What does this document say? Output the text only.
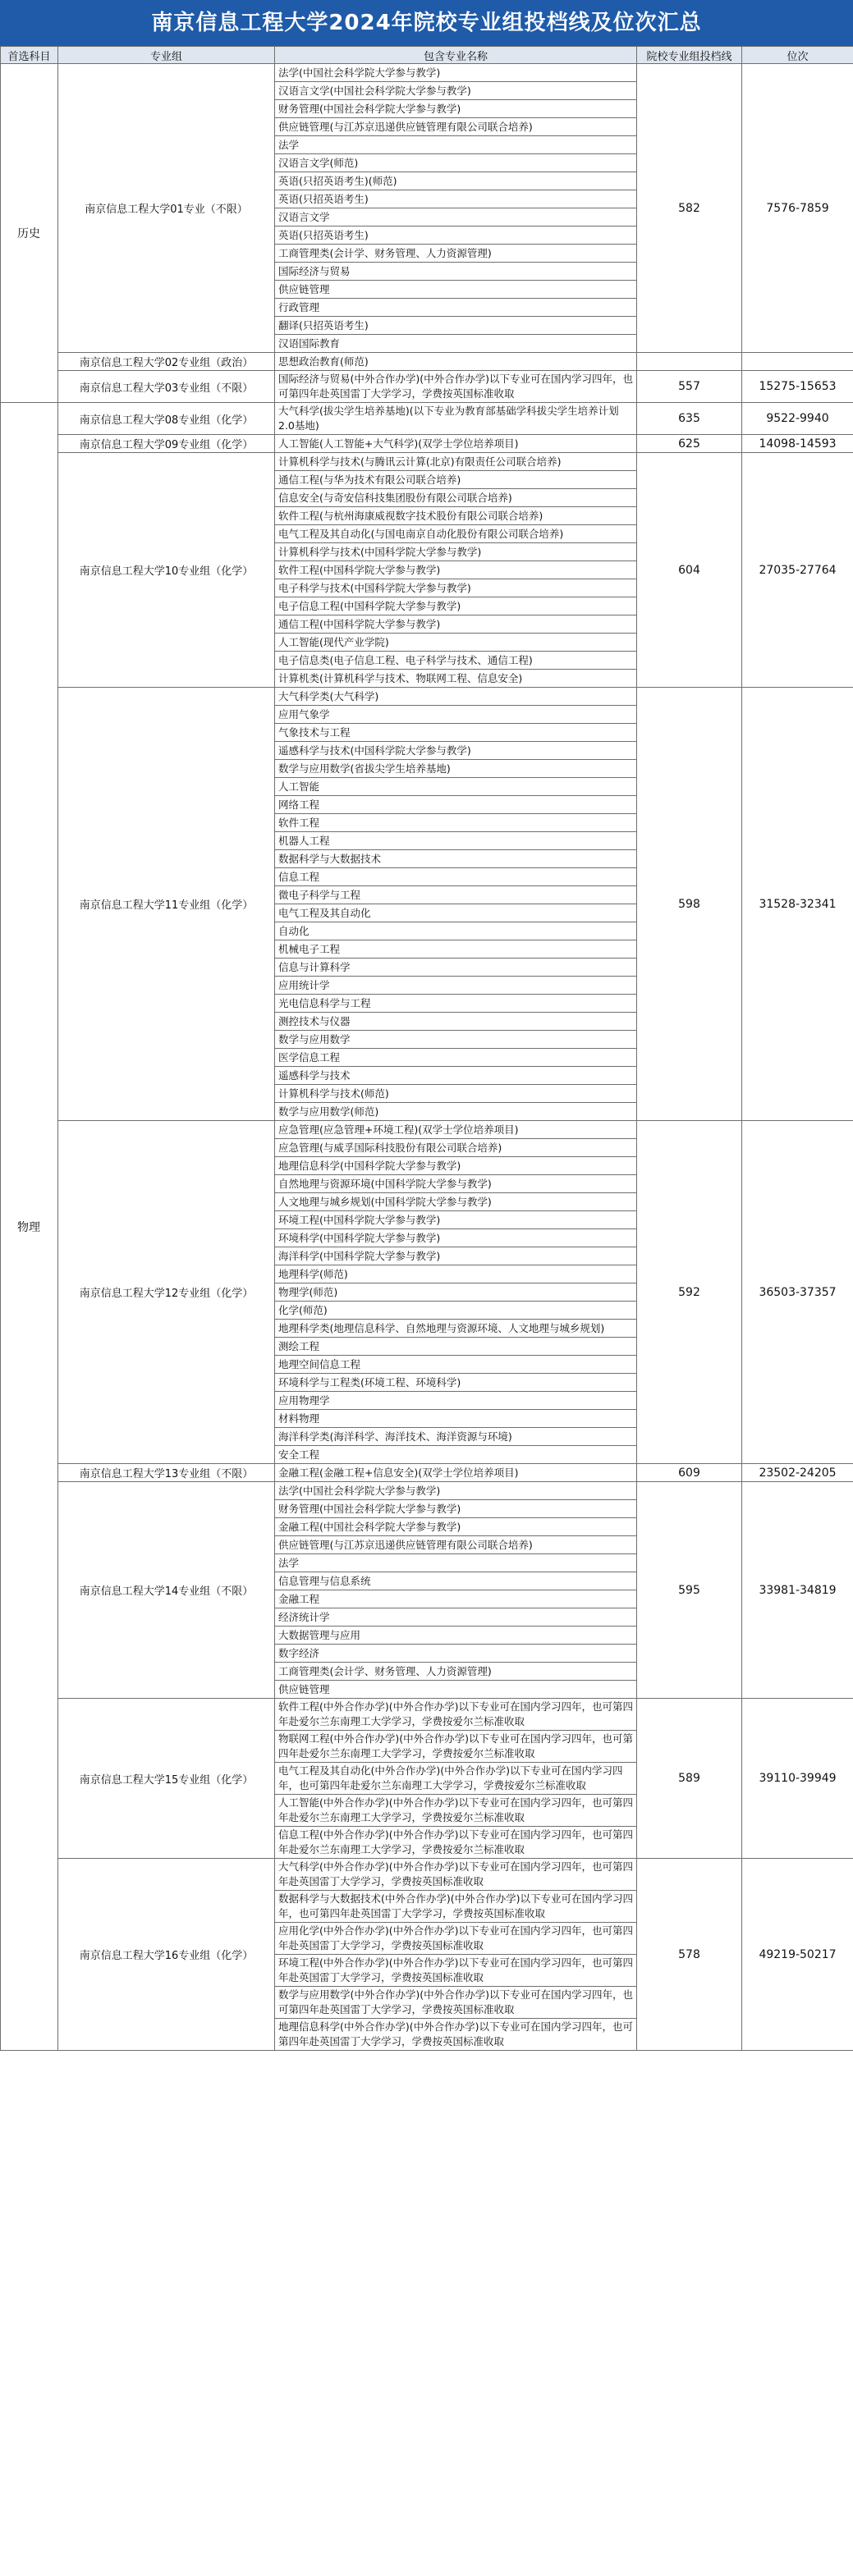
南京信息工程大学2024年院校专业组投档线及位次汇总
首选科目	专业组	包含专业名称	院校专业组投档线	位次
历史	南京信息工程大学01专业（不限）	法学(中国社会科学院大学参与教学)	582	7576-7859
		汉语言文学(中国社会科学院大学参与教学)		
		财务管理(中国社会科学院大学参与教学)		
		供应链管理(与江苏京迅递供应链管理有限公司联合培养)		
		法学		
		汉语言文学(师范)		
		英语(只招英语考生)(师范)		
		英语(只招英语考生)		
		汉语言文学		
		英语(只招英语考生)		
		工商管理类(会计学、财务管理、人力资源管理)		
		国际经济与贸易		
		供应链管理		
		行政管理		
		翻译(只招英语考生)		
		汉语国际教育		
	南京信息工程大学02专业组（政治）	思想政治教育(师范)		
	南京信息工程大学03专业组（不限）	国际经济与贸易(中外合作办学)(中外合作办学)以下专业可在国内学习四年，也可第四年赴英国雷丁大学学习，学费按英国标准收取	557	15275-15653
物理	南京信息工程大学08专业组（化学）	大气科学(拔尖学生培养基地)(以下专业为教育部基础学科拔尖学生培养计划2.0基地)	635	9522-9940
	南京信息工程大学09专业组（化学）	人工智能(人工智能+大气科学)(双学士学位培养项目)	625	14098-14593
	南京信息工程大学10专业组（化学）	计算机科学与技术(与腾讯云计算(北京)有限责任公司联合培养)	604	27035-27764
		通信工程(与华为技术有限公司联合培养)		
		信息安全(与奇安信科技集团股份有限公司联合培养)		
		软件工程(与杭州海康威视数字技术股份有限公司联合培养)		
		电气工程及其自动化(与国电南京自动化股份有限公司联合培养)		
		计算机科学与技术(中国科学院大学参与教学)		
		软件工程(中国科学院大学参与教学)		
		电子科学与技术(中国科学院大学参与教学)		
		电子信息工程(中国科学院大学参与教学)		
		通信工程(中国科学院大学参与教学)		
		人工智能(现代产业学院)		
		电子信息类(电子信息工程、电子科学与技术、通信工程)		
		计算机类(计算机科学与技术、物联网工程、信息安全)		
	南京信息工程大学11专业组（化学）	大气科学类(大气科学)	598	31528-32341
		应用气象学		
		气象技术与工程		
		遥感科学与技术(中国科学院大学参与教学)		
		数学与应用数学(省拔尖学生培养基地)		
		人工智能		
		网络工程		
		软件工程		
		机器人工程		
		数据科学与大数据技术		
		信息工程		
		微电子科学与工程		
		电气工程及其自动化		
		自动化		
		机械电子工程		
		信息与计算科学		
		应用统计学		
		光电信息科学与工程		
		测控技术与仪器		
		数学与应用数学		
		医学信息工程		
		遥感科学与技术		
		计算机科学与技术(师范)		
		数学与应用数学(师范)		
	南京信息工程大学12专业组（化学）	应急管理(应急管理+环境工程)(双学士学位培养项目)	592	36503-37357
		应急管理(与威孚国际科技股份有限公司联合培养)		
		地理信息科学(中国科学院大学参与教学)		
		自然地理与资源环境(中国科学院大学参与教学)		
		人文地理与城乡规划(中国科学院大学参与教学)		
		环境工程(中国科学院大学参与教学)		
		环境科学(中国科学院大学参与教学)		
		海洋科学(中国科学院大学参与教学)		
		地理科学(师范)		
		物理学(师范)		
		化学(师范)		
		地理科学类(地理信息科学、自然地理与资源环境、人文地理与城乡规划)		
		测绘工程		
		地理空间信息工程		
		环境科学与工程类(环境工程、环境科学)		
		应用物理学		
		材料物理		
		海洋科学类(海洋科学、海洋技术、海洋资源与环境)		
		安全工程		
	南京信息工程大学13专业组（不限）	金融工程(金融工程+信息安全)(双学士学位培养项目)	609	23502-24205
	南京信息工程大学14专业组（不限）	法学(中国社会科学院大学参与教学)	595	33981-34819
		财务管理(中国社会科学院大学参与教学)		
		金融工程(中国社会科学院大学参与教学)		
		供应链管理(与江苏京迅递供应链管理有限公司联合培养)		
		法学		
		信息管理与信息系统		
		金融工程		
		经济统计学		
		大数据管理与应用		
		数字经济		
		工商管理类(会计学、财务管理、人力资源管理)		
		供应链管理		
	南京信息工程大学15专业组（化学）	软件工程(中外合作办学)(中外合作办学)以下专业可在国内学习四年，也可第四年赴爱尔兰东南理工大学学习，学费按爱尔兰标准收取	589	39110-39949
		物联网工程(中外合作办学)(中外合作办学)以下专业可在国内学习四年，也可第四年赴爱尔兰东南理工大学学习，学费按爱尔兰标准收取		
		电气工程及其自动化(中外合作办学)(中外合作办学)以下专业可在国内学习四年，也可第四年赴爱尔兰东南理工大学学习，学费按爱尔兰标准收取		
		人工智能(中外合作办学)(中外合作办学)以下专业可在国内学习四年，也可第四年赴爱尔兰东南理工大学学习，学费按爱尔兰标准收取		
		信息工程(中外合作办学)(中外合作办学)以下专业可在国内学习四年，也可第四年赴爱尔兰东南理工大学学习，学费按爱尔兰标准收取		
	南京信息工程大学16专业组（化学）	大气科学(中外合作办学)(中外合作办学)以下专业可在国内学习四年，也可第四年赴英国雷丁大学学习，学费按英国标准收取	578	49219-50217
		数据科学与大数据技术(中外合作办学)(中外合作办学)以下专业可在国内学习四年，也可第四年赴英国雷丁大学学习，学费按英国标准收取		
		应用化学(中外合作办学)(中外合作办学)以下专业可在国内学习四年，也可第四年赴英国雷丁大学学习，学费按英国标准收取		
		环境工程(中外合作办学)(中外合作办学)以下专业可在国内学习四年，也可第四年赴英国雷丁大学学习，学费按英国标准收取		
		数学与应用数学(中外合作办学)(中外合作办学)以下专业可在国内学习四年，也可第四年赴英国雷丁大学学习，学费按英国标准收取		
		地理信息科学(中外合作办学)(中外合作办学)以下专业可在国内学习四年，也可第四年赴英国雷丁大学学习，学费按英国标准收取		
